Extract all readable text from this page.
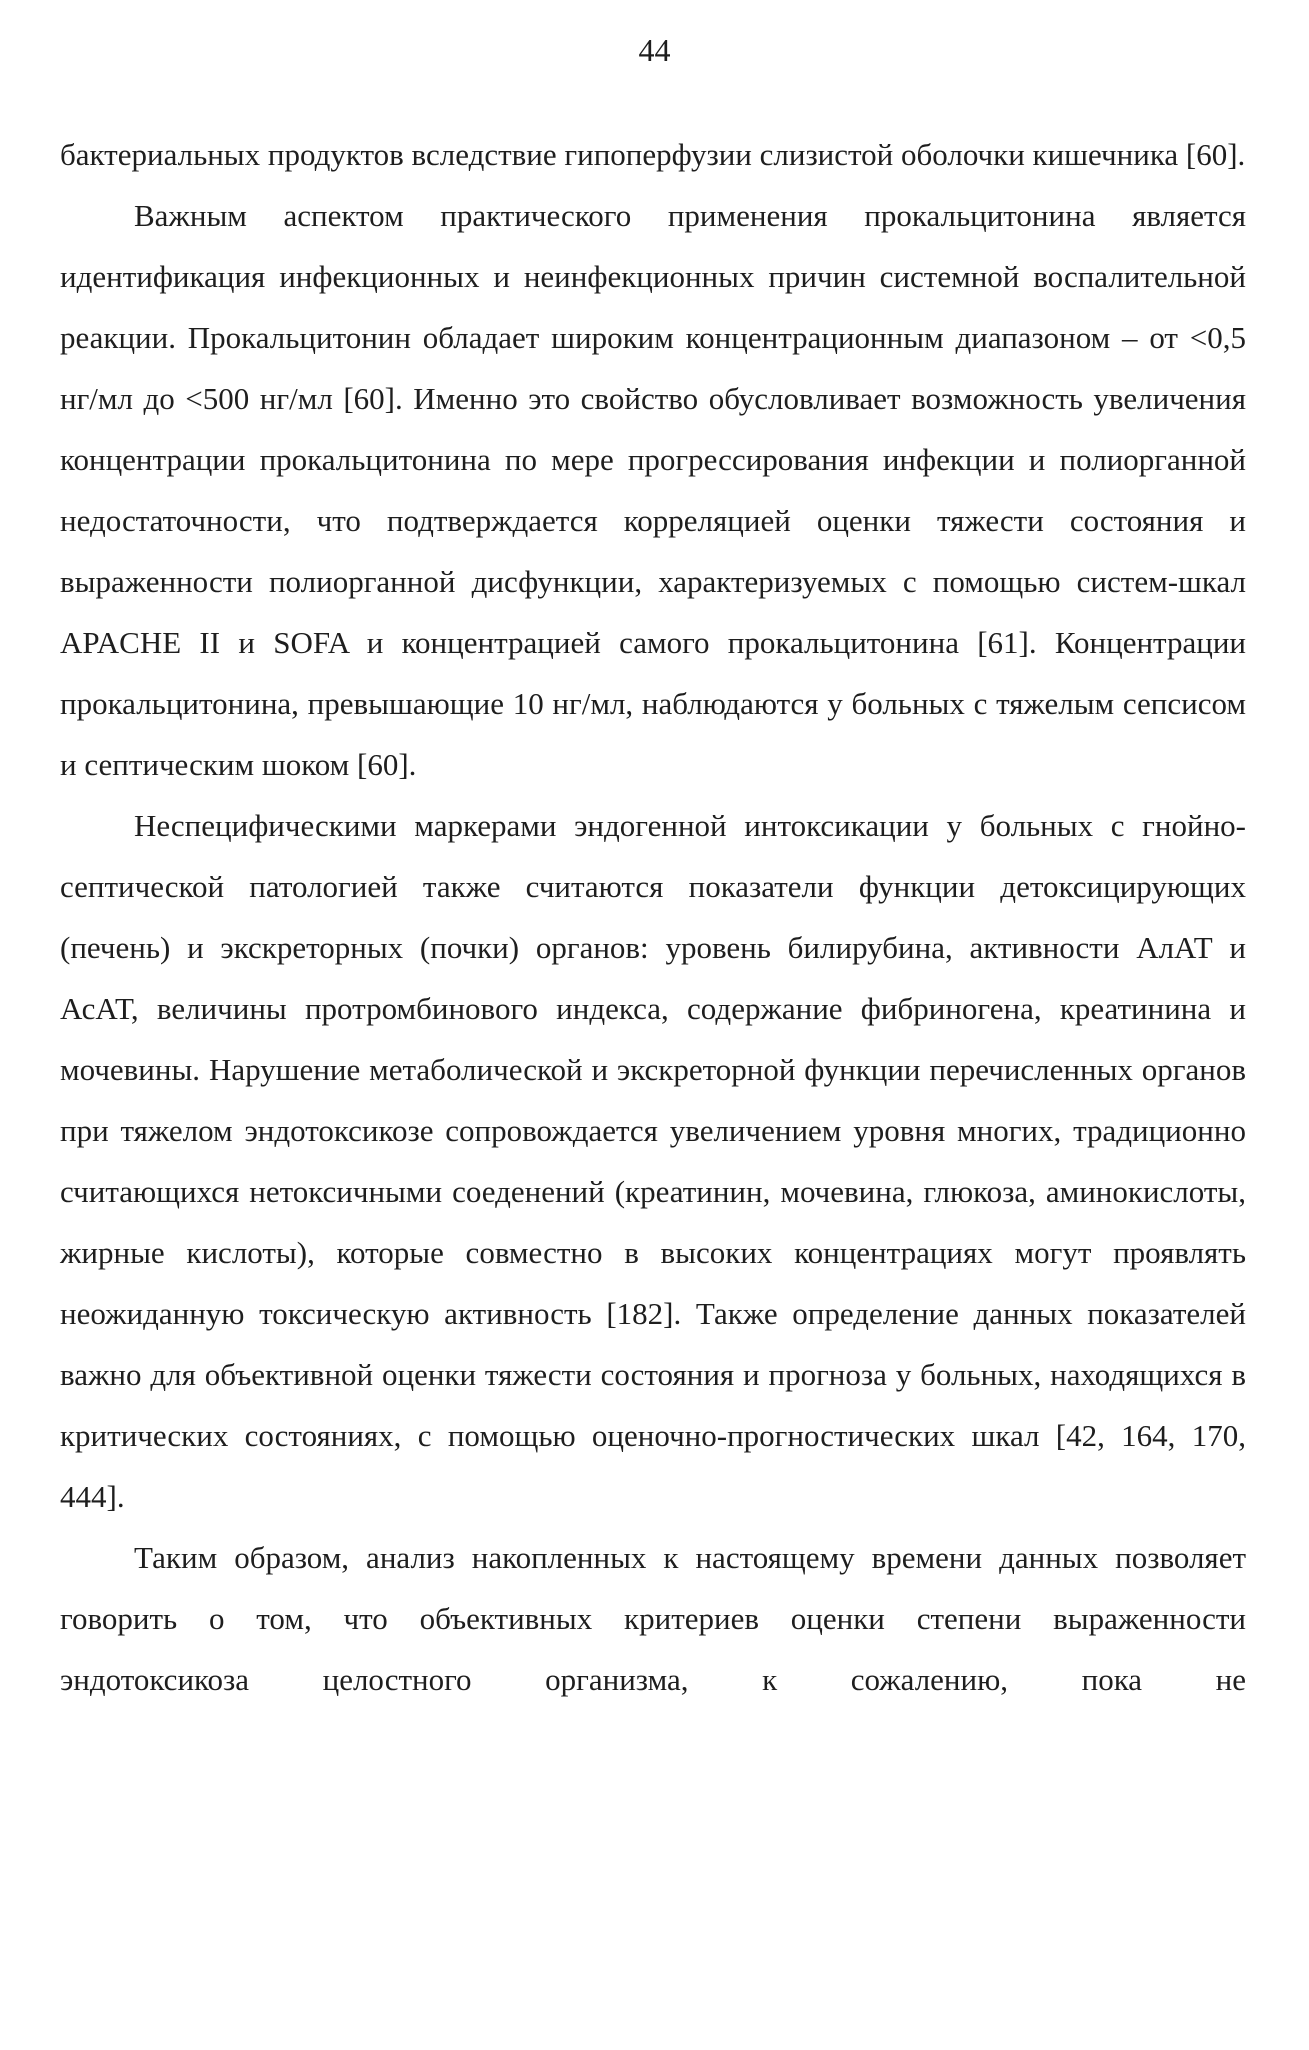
44

бактериальных продуктов вследствие гипоперфузии слизистой оболочки кишечника [60].

Важным аспектом практического применения прокальцитонина является идентификация инфекционных и неинфекционных причин системной воспалительной реакции. Прокальцитонин обладает широким концентрационным диапазоном – от <0,5 нг/мл до <500 нг/мл [60]. Именно это свойство обусловливает возможность увеличения концентрации прокальцитонина по мере прогрессирования инфекции и полиорганной недостаточности, что подтверждается корреляцией оценки тяжести состояния и выраженности полиорганной дисфункции, характеризуемых с помощью систем-шкал APACHE II и SOFA и концентрацией самого прокальцитонина [61]. Концентрации прокальцитонина, превышающие 10 нг/мл, наблюдаются у больных с тяжелым сепсисом и септическим шоком [60].

Неспецифическими маркерами эндогенной интоксикации у больных с гнойно-септической патологией также считаются показатели функции детоксицирующих (печень) и экскреторных (почки) органов: уровень билирубина, активности АлАТ и АсАТ, величины протромбинового индекса, содержание фибриногена, креатинина и мочевины. Нарушение метаболической и экскреторной функции перечисленных органов при тяжелом эндотоксикозе сопровождается увеличением уровня многих, традиционно считающихся нетоксичными соеденений (креатинин, мочевина, глюкоза, аминокислоты, жирные кислоты), которые совместно в высоких концентрациях могут проявлять неожиданную токсическую активность [182]. Также определение данных показателей важно для объективной оценки тяжести состояния и прогноза у больных, находящихся в критических состояниях, с помощью оценочно-прогностических шкал [42, 164, 170, 444].

Таким образом, анализ накопленных к настоящему времени данных позволяет говорить о том, что объективных критериев оценки степени выраженности эндотоксикоза целостного организма, к сожалению, пока не
